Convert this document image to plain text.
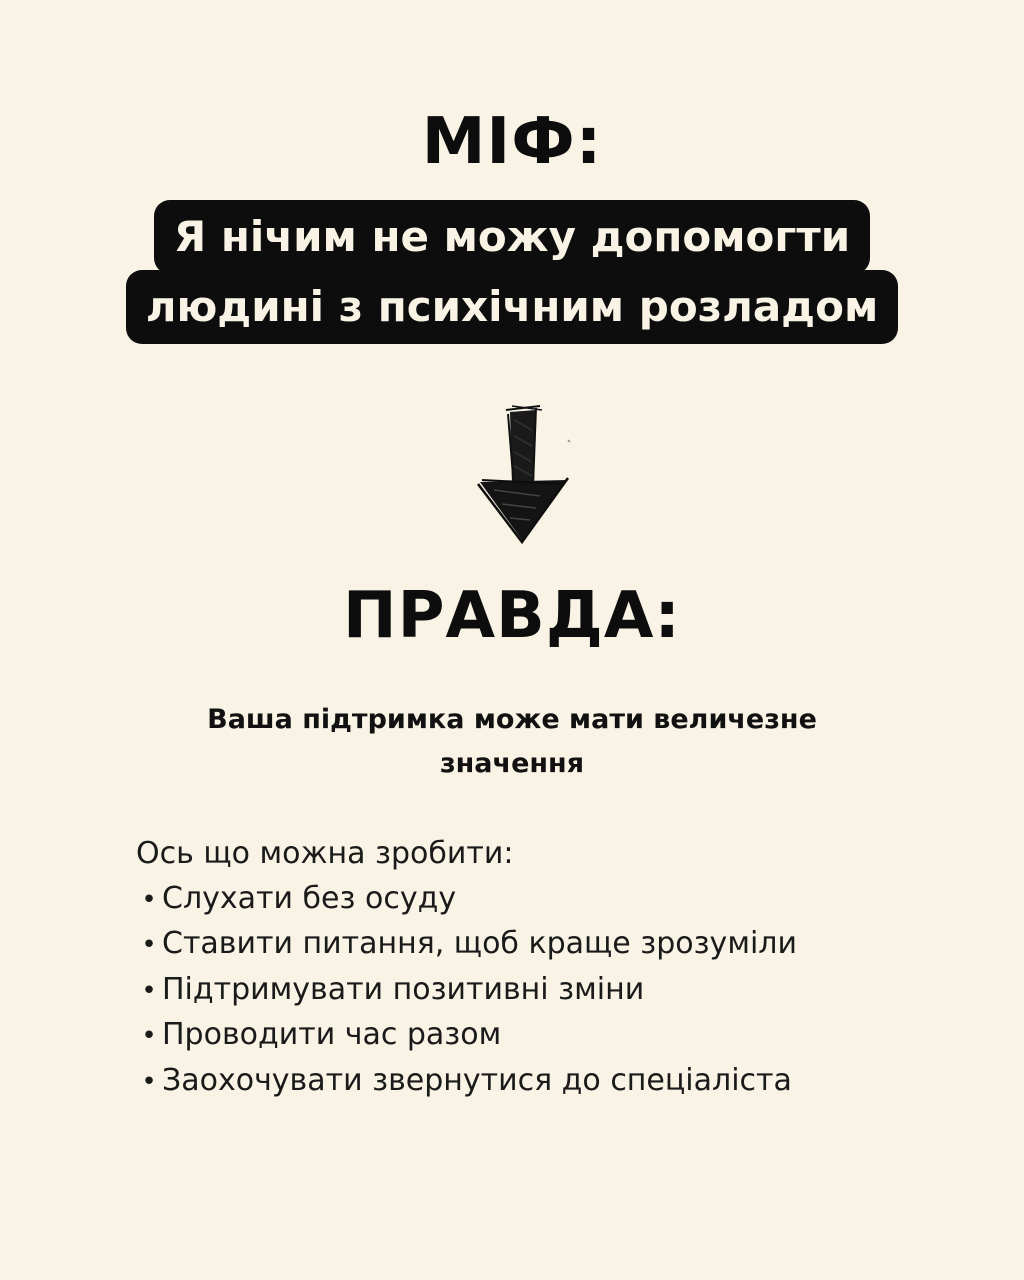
МІФ:
Я нічим не можу допомогти
людині з психічним розладом
ПРАВДА:
Ваша підтримка може мати величезне
значення
Ось що можна зробити:
• Слухати без осуду
• Ставити питання, щоб краще зрозуміли
• Підтримувати позитивні зміни
• Проводити час разом
• Заохочувати звернутися до спеціаліста
